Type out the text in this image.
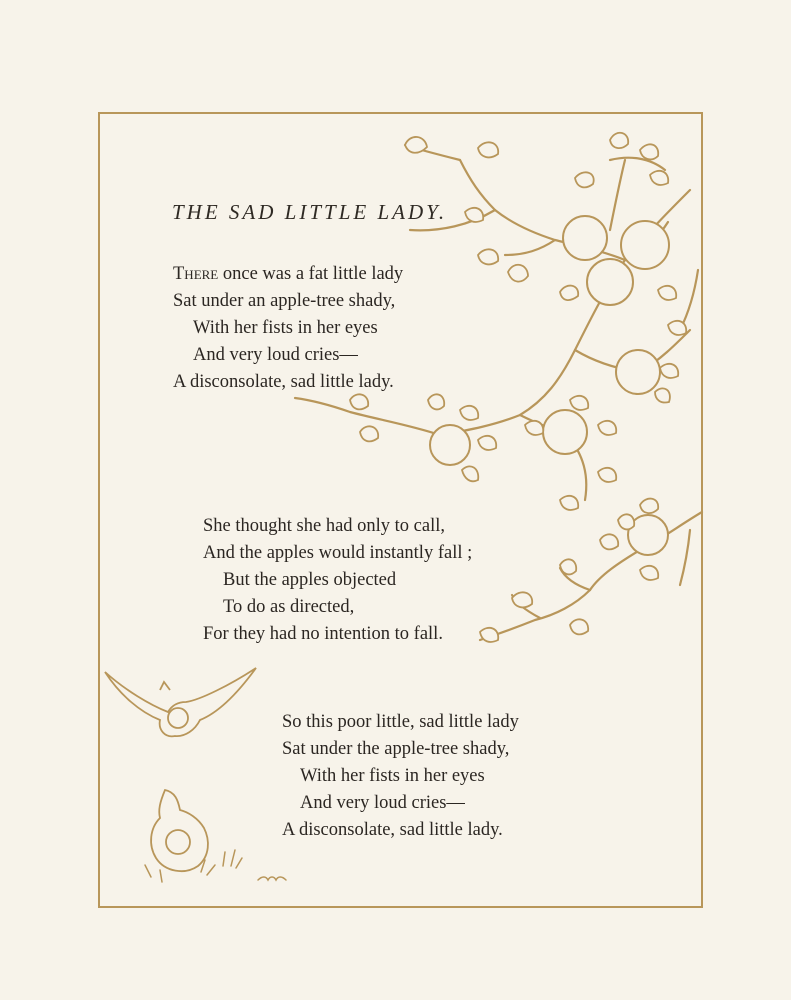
THE SAD LITTLE LADY.
There once was a fat little lady
Sat under an apple-tree shady,
With her fists in her eyes
And very loud cries—
A disconsolate, sad little lady.
She thought she had only to call,
And the apples would instantly fall ;
But the apples objected
To do as directed,
For they had no intention to fall.
So this poor little, sad little lady
Sat under the apple-tree shady,
With her fists in her eyes
And very loud cries—
A disconsolate, sad little lady.
